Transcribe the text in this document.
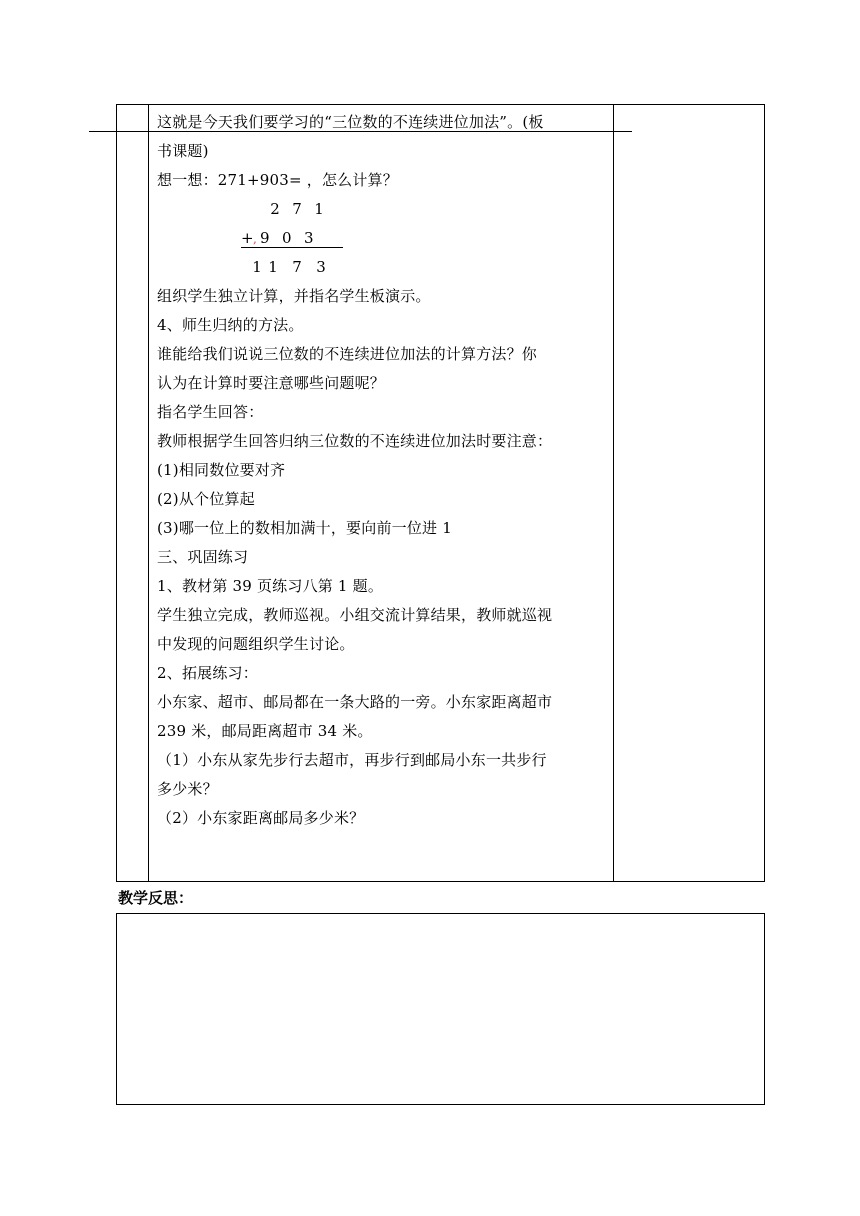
这就是今天我们要学习的“三位数的不连续进位加法”。(板
书课题)
想一想：271+903= ，怎么计算？
2 7 1
+, 9 0 3
1 1 7 3
组织学生独立计算，并指名学生板演示。
4、师生归纳的方法。
谁能给我们说说三位数的不连续进位加法的计算方法？你
认为在计算时要注意哪些问题呢？
指名学生回答：
教师根据学生回答归纳三位数的不连续进位加法时要注意：
(1)相同数位要对齐
(2)从个位算起
(3)哪一位上的数相加满十，要向前一位进 1
三、巩固练习
1、教材第 39 页练习八第 1 题。
学生独立完成，教师巡视。小组交流计算结果，教师就巡视
中发现的问题组织学生讨论。
2、拓展练习：
小东家、超市、邮局都在一条大路的一旁。小东家距离超市
239 米，邮局距离超市 34 米。
（1）小东从家先步行去超市，再步行到邮局小东一共步行
多少米？
（2）小东家距离邮局多少米？
教学反思：
